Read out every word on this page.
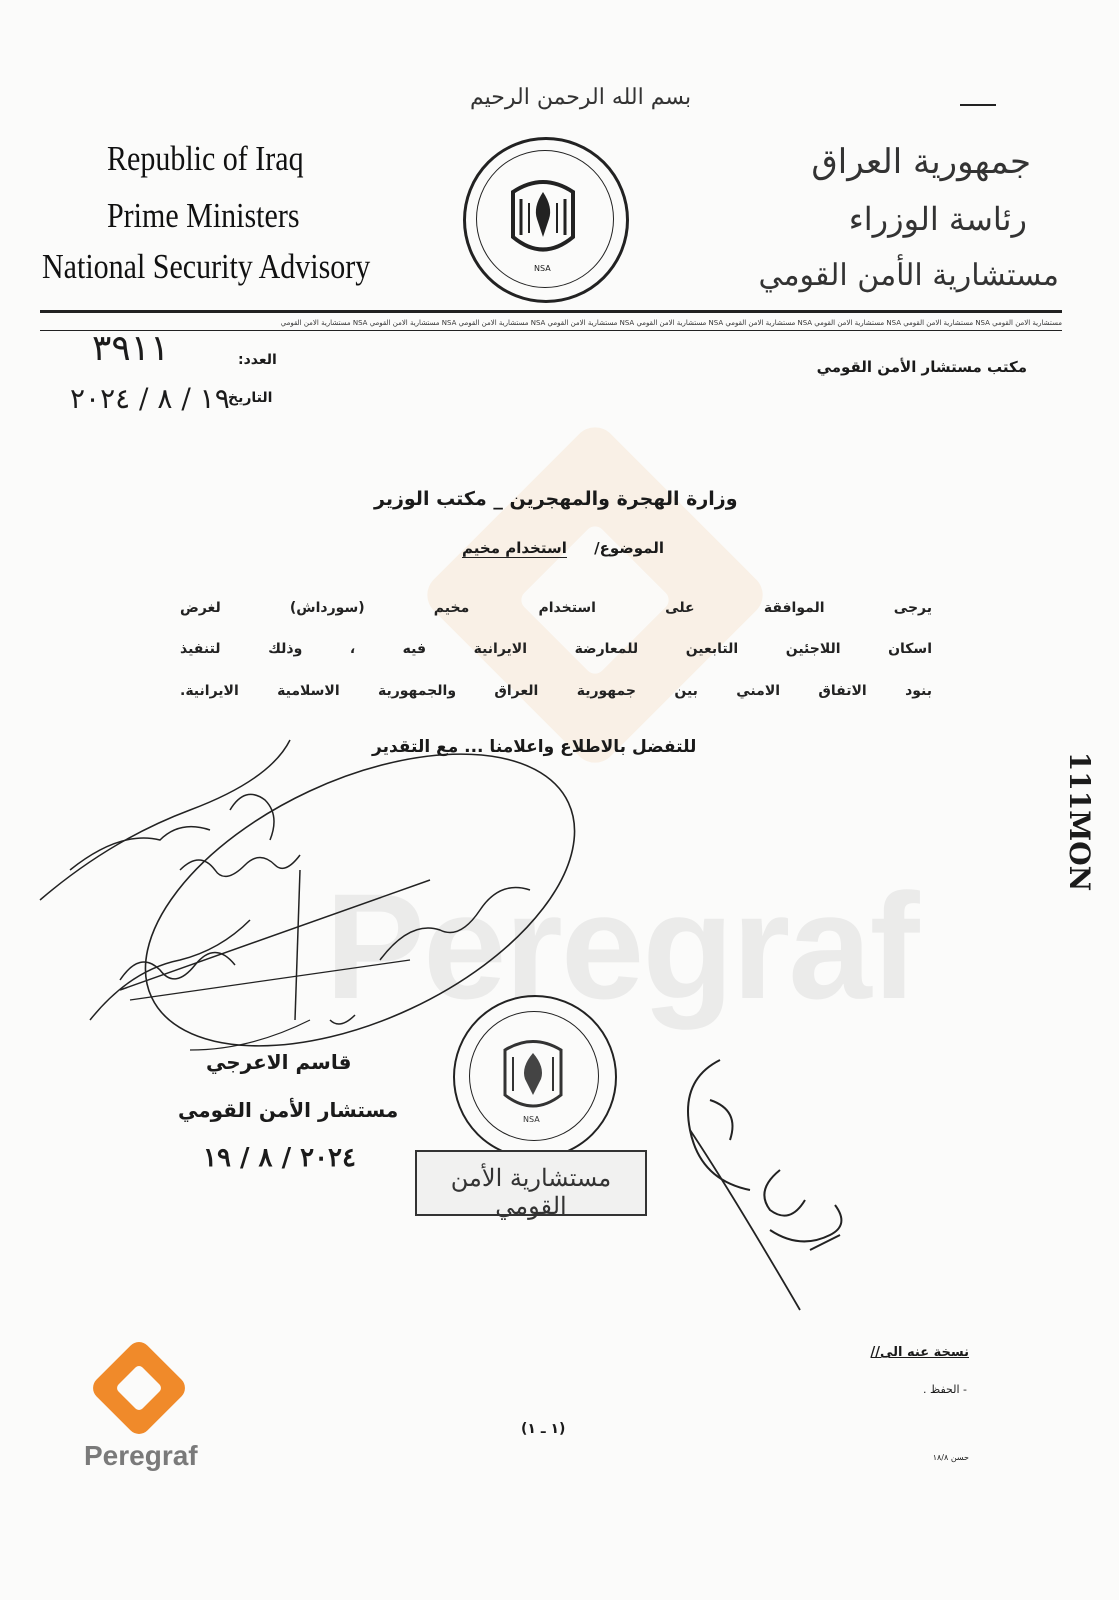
Peregraf
Republic of Iraq
Prime Ministers
National Security Advisory
بسم الله الرحمن الرحيم
NSA
جمهورية العراق
رئاسة الوزراء
مستشارية الأمن القومي
مستشارية الامن القومي NSA مستشارية الامن القومي NSA مستشارية الامن القومي NSA مستشارية الامن القومي NSA مستشارية الامن القومي NSA مستشارية الامن القومي NSA مستشارية الامن القومي NSA مستشارية الامن القومي NSA مستشارية الامن القومي
العدد:
٣٩١١
التاريخ
١٩ / ٨ / ٢٠٢٤
مكتب مستشار الأمن القومي
وزارة الهجرة والمهجرين _ مكتب الوزير
الموضوع/
استخدام مخيم
يرجى الموافقة على استخدام مخيم (سورداش) لغرض
اسكان اللاجئين التابعين للمعارضة الايرانية فيه ، وذلك لتنفيذ
بنود الاتفاق الامني بين جمهورية العراق والجمهورية الاسلامية الايرانية.
للتفضل بالاطلاع واعلامنا ... مع التقدير
قاسم الاعرجي
مستشار الأمن القومي
٢٠٢٤ / ٨ / ١٩
NSA
مستشارية الأمن القومي
111MON
نسخة عنه الى//
- الحفظ .
(١ ـ ١)
حسن ١٨/٨
Peregraf
